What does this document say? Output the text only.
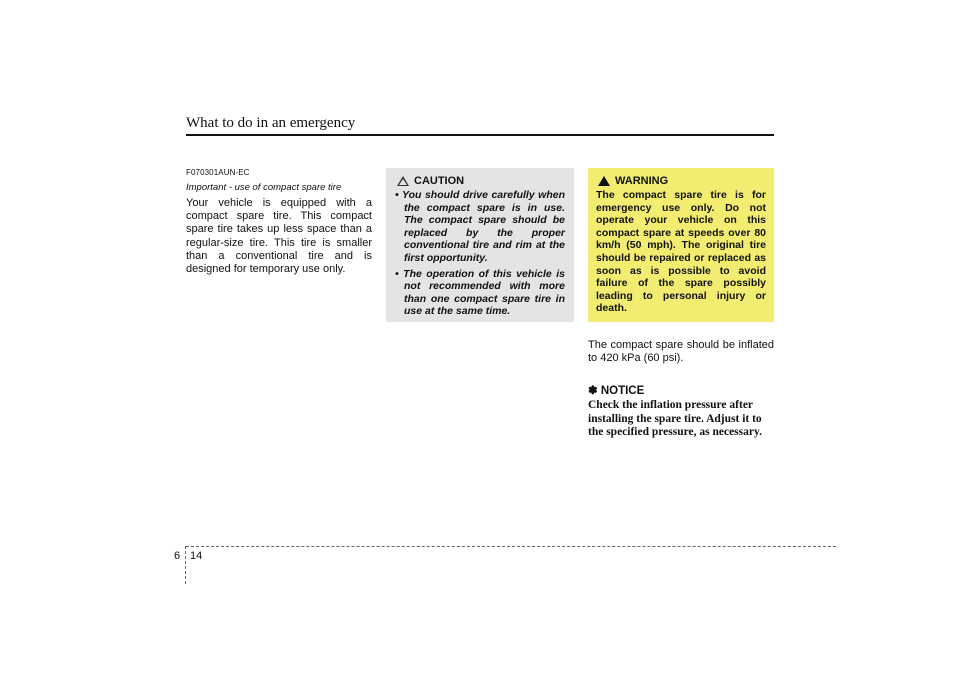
What to do in an emergency
F070301AUN-EC
Important - use of compact spare tire
Your vehicle is equipped with a compact spare tire. This compact spare tire takes up less space than a regular-size tire. This tire is smaller than a conventional tire and is designed for temporary use only.
CAUTION
• You should drive carefully when the compact spare is in use. The compact spare should be replaced by the proper conventional tire and rim at the first opportunity.
• The operation of this vehicle is not recommended with more than one compact spare tire in use at the same time.
WARNING
The compact spare tire is for emergency use only. Do not operate your vehicle on this compact spare at speeds over 80 km/h (50 mph). The original tire should be repaired or replaced as soon as is possible to avoid failure of the spare possibly leading to personal injury or death.
The compact spare should be inflated to 420 kPa (60 psi).
✽ NOTICE
Check the inflation pressure after installing the spare tire. Adjust it to the specified pressure, as necessary.
6 14
